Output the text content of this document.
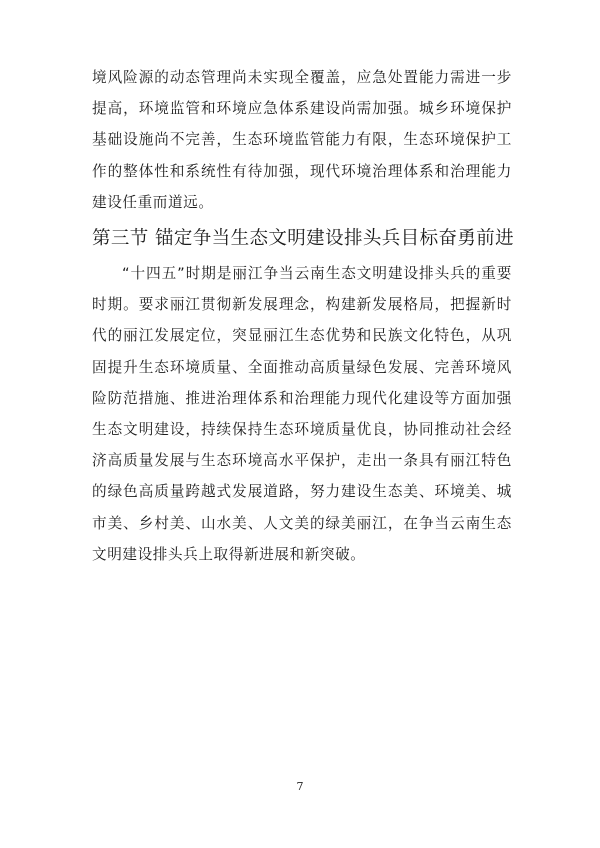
境风险源的动态管理尚未实现全覆盖，应急处置能力需进一步提高，环境监管和环境应急体系建设尚需加强。城乡环境保护基础设施尚不完善，生态环境监管能力有限，生态环境保护工作的整体性和系统性有待加强，现代环境治理体系和治理能力建设任重而道远。

第三节 锚定争当生态文明建设排头兵目标奋勇前进

“十四五”时期是丽江争当云南生态文明建设排头兵的重要时期。要求丽江贯彻新发展理念，构建新发展格局，把握新时代的丽江发展定位，突显丽江生态优势和民族文化特色，从巩固提升生态环境质量、全面推动高质量绿色发展、完善环境风险防范措施、推进治理体系和治理能力现代化建设等方面加强生态文明建设，持续保持生态环境质量优良，协同推动社会经济高质量发展与生态环境高水平保护，走出一条具有丽江特色的绿色高质量跨越式发展道路，努力建设生态美、环境美、城市美、乡村美、山水美、人文美的绿美丽江，在争当云南生态文明建设排头兵上取得新进展和新突破。

7
